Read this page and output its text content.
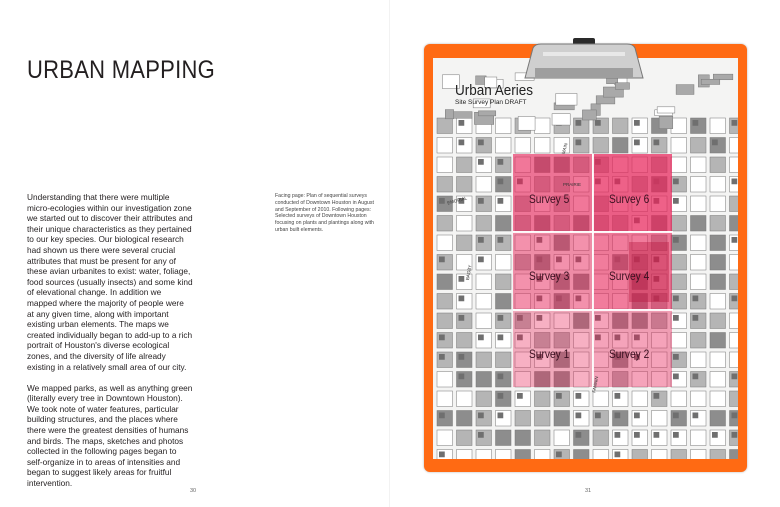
URBAN MAPPING

Understanding that there were multiple micro-ecologies within our investigation zone we started out to discover their attributes and their unique characteristics as they pertained to our key species. Our biological research had shown us there were several crucial attributes that must be present for any of these avian urbanites to exist: water, foliage, food sources (usually insects) and some kind of elevational change. In addition we mapped where the majority of people were at any given time, along with important existing urban elements. The maps we created individually began to add-up to a rich portrait of Houston's diverse ecological zones, and the diversity of life already existing in a relatively small area of our city.

We mapped parks, as well as anything green (literally every tree in Downtown Houston). We took note of water features, particular building structures, and the places where there were the greatest densities of humans and birds. The maps, sketches and photos collected in the following pages began to self-organize in to areas of intensities and began to suggest likely areas for fruitful intervention.

Facing page: Plan of sequential surveys conducted of Downtown Houston in August and September of 2010. Following pages: Selected surveys of Downtown Houston focusing on plants and plantings along with urban built elements.
30	31
Urban Aeries
Site Survey Plan DRAFT
Survey 5	Survey 6
Survey 3	Survey 4
Survey 1	Survey 2
MAIN
PRAIRIE
EMORIAL
BAGBY
FANNIN
